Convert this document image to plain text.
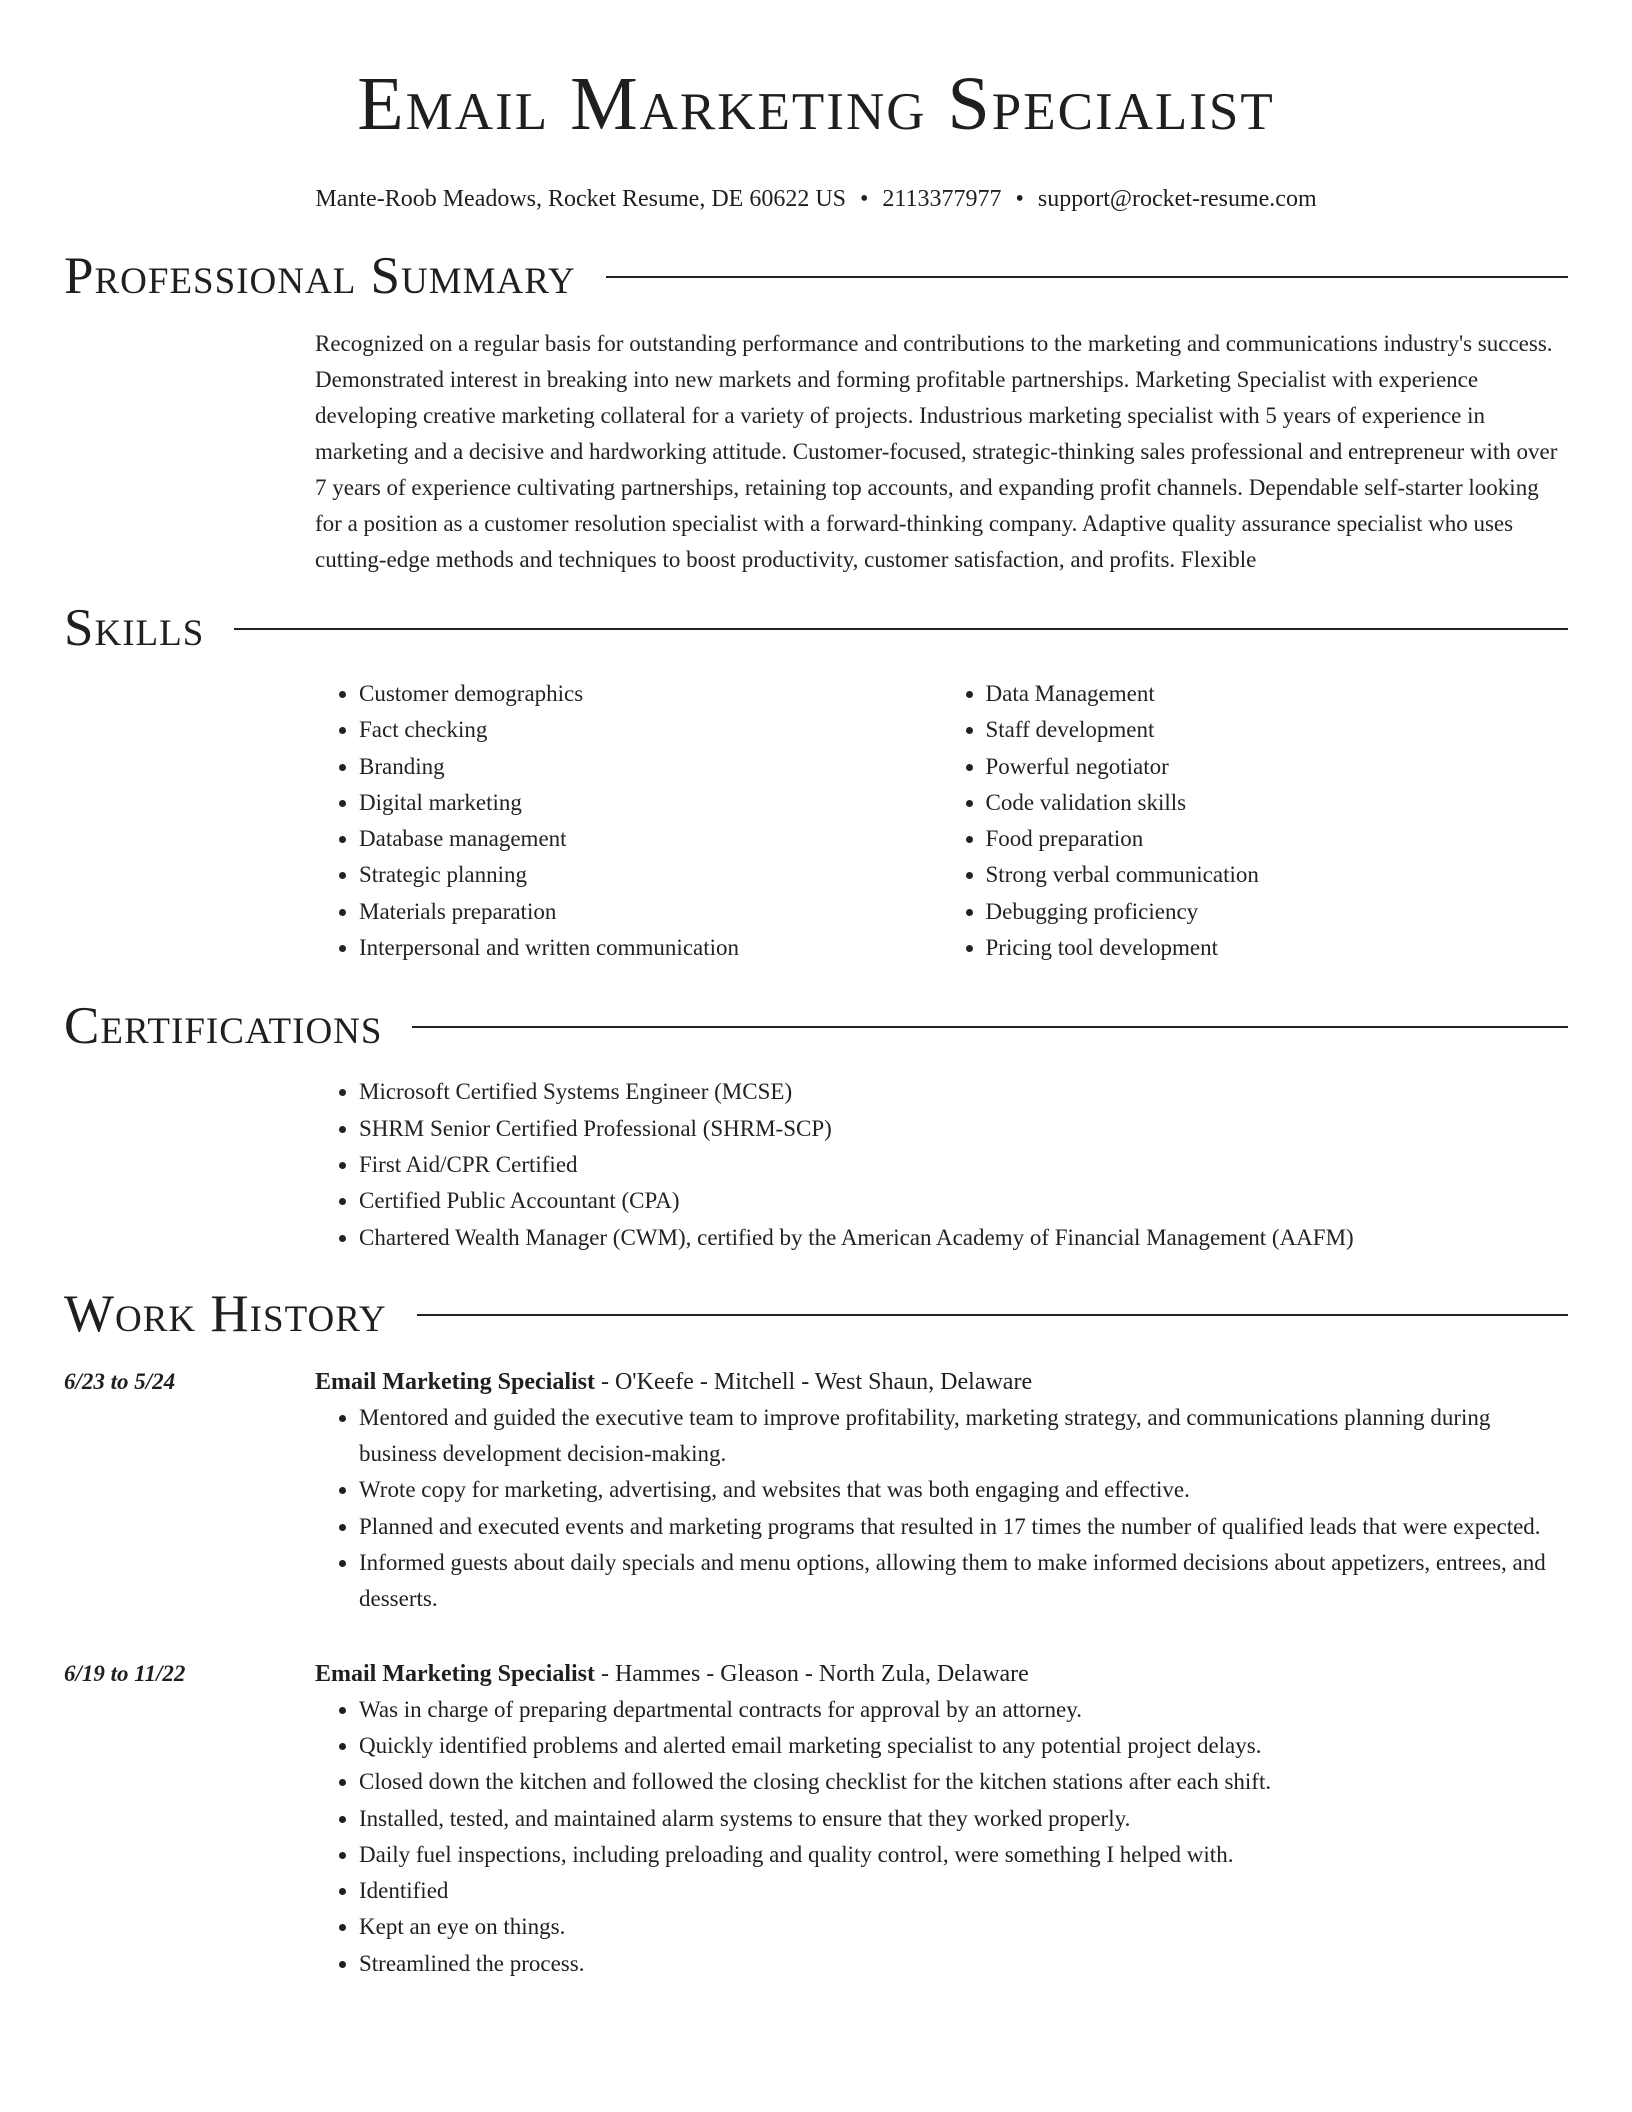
Email Marketing Specialist
Mante-Roob Meadows, Rocket Resume, DE 60622 US • 2113377977 • support@rocket-resume.com
Professional Summary
Recognized on a regular basis for outstanding performance and contributions to the marketing and communications industry's success. Demonstrated interest in breaking into new markets and forming profitable partnerships. Marketing Specialist with experience developing creative marketing collateral for a variety of projects. Industrious marketing specialist with 5 years of experience in marketing and a decisive and hardworking attitude. Customer-focused, strategic-thinking sales professional and entrepreneur with over 7 years of experience cultivating partnerships, retaining top accounts, and expanding profit channels. Dependable self-starter looking for a position as a customer resolution specialist with a forward-thinking company. Adaptive quality assurance specialist who uses cutting-edge methods and techniques to boost productivity, customer satisfaction, and profits. Flexible
Skills
• Customer demographics
• Fact checking
• Branding
• Digital marketing
• Database management
• Strategic planning
• Materials preparation
• Interpersonal and written communication
• Data Management
• Staff development
• Powerful negotiator
• Code validation skills
• Food preparation
• Strong verbal communication
• Debugging proficiency
• Pricing tool development
Certifications
• Microsoft Certified Systems Engineer (MCSE)
• SHRM Senior Certified Professional (SHRM-SCP)
• First Aid/CPR Certified
• Certified Public Accountant (CPA)
• Chartered Wealth Manager (CWM), certified by the American Academy of Financial Management (AAFM)
Work History
6/23 to 5/24	Email Marketing Specialist - O'Keefe - Mitchell - West Shaun, Delaware
• Mentored and guided the executive team to improve profitability, marketing strategy, and communications planning during business development decision-making.
• Wrote copy for marketing, advertising, and websites that was both engaging and effective.
• Planned and executed events and marketing programs that resulted in 17 times the number of qualified leads that were expected.
• Informed guests about daily specials and menu options, allowing them to make informed decisions about appetizers, entrees, and desserts.
6/19 to 11/22	Email Marketing Specialist - Hammes - Gleason - North Zula, Delaware
• Was in charge of preparing departmental contracts for approval by an attorney.
• Quickly identified problems and alerted email marketing specialist to any potential project delays.
• Closed down the kitchen and followed the closing checklist for the kitchen stations after each shift.
• Installed, tested, and maintained alarm systems to ensure that they worked properly.
• Daily fuel inspections, including preloading and quality control, were something I helped with.
• Identified
• Kept an eye on things.
• Streamlined the process.
